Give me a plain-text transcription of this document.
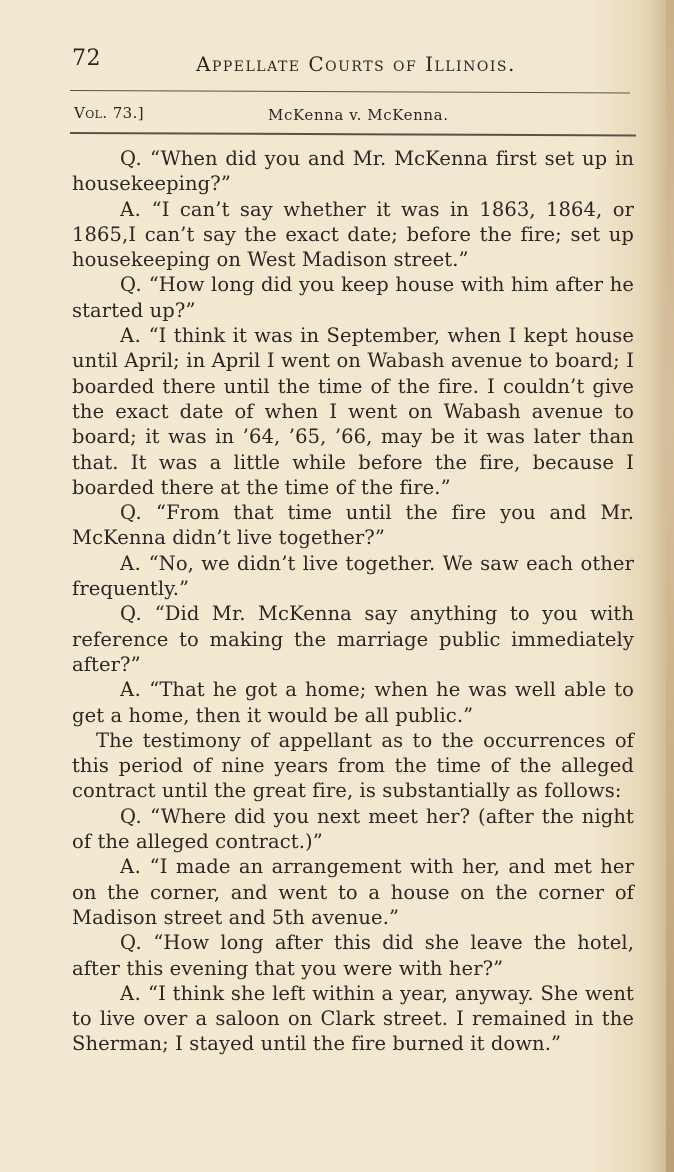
72	Appellate Courts of Illinois.
Vol. 73.]	McKenna v. McKenna.

Q. “When did you and Mr. McKenna first set up in housekeeping?”

A. “I can’t say whether it was in 1863, 1864, or 1865,I can’t say the exact date; before the fire; set up housekeeping on West Madison street.”

Q. “How long did you keep house with him after he started up?”

A. “I think it was in September, when I kept house until April; in April I went on Wabash avenue to board; I boarded there until the time of the fire. I couldn’t give the exact date of when I went on Wabash avenue to board; it was in ’64, ’65, ’66, may be it was later than that. It was a little while before the fire, because I boarded there at the time of the fire.”

Q. “From that time until the fire you and Mr. McKenna didn’t live together?”

A. “No, we didn’t live together. We saw each other frequently.”

Q. “Did Mr. McKenna say anything to you with reference to making the marriage public immediately after?”

A. “That he got a home; when he was well able to get a home, then it would be all public.”

The testimony of appellant as to the occurrences of this period of nine years from the time of the alleged contract until the great fire, is substantially as follows:

Q. “Where did you next meet her? (after the night of the alleged contract.)”

A. “I made an arrangement with her, and met her on the corner, and went to a house on the corner of Madison street and 5th avenue.”

Q. “How long after this did she leave the hotel, after this evening that you were with her?”

A. “I think she left within a year, anyway. She went to live over a saloon on Clark street. I remained in the Sherman; I stayed until the fire burned it down.”
